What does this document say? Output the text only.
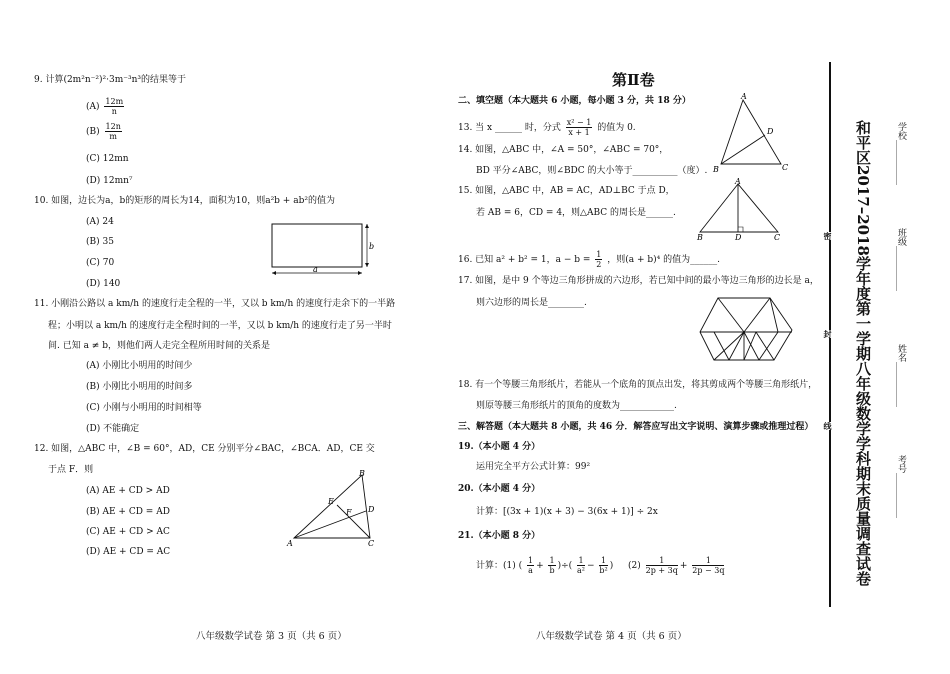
9. 计算(2m²n⁻²)²·3m⁻³n³的结果等于
$(A) \frac{12m}{n}$
$(B) \frac{12n}{m}$
(C) 12mn
(D) 12mn⁷
10. 如图，边长为a，b的矩形的周长为14，面积为10，则a²b + ab²的值为
(A) 24
(B) 35
(C) 70
(D) 140
b
a
11. 小刚沿公路以 a km/h 的速度行走全程的一半，又以 b km/h 的速度行走余下的一半路
程；小明以 a km/h 的速度行走全程时间的一半，又以 b km/h 的速度行走了另一半时
间. 已知 a ≠ b，则他们两人走完全程所用时间的关系是
(A) 小刚比小明用的时间少
(B) 小刚比小明用的时间多
(C) 小刚与小明用的时间相等
(D) 不能确定
12. 如图，△ABC 中，∠B = 60°，AD，CE 分别平分∠BAC，∠BCA．AD，CE 交
于点 F．则
(A) AE + CD > AD
(B) AE + CD = AD
(C) AE + CD > AC
(D) AE + CD = AC
B
A	C
D
E
F
八年级数学试卷 第 3 页（共 6 页）
第Ⅱ卷
二、填空题（本大题共 6 小题，每小题 3 分，共 18 分）
13. 当 x ______ 时，分式 $\frac{\text{x² − 1}}{x + 1}$ 的值为 0.
14. 如图，△ABC 中，∠A = 50°，∠ABC = 70°，
BD 平分∠ABC，则∠BDC 的大小等于__________（度）.
A
B	C
D
15. 如图，△ABC 中，AB = AC，AD⊥BC 于点 D，
若 AB = 6，CD = 4，则△ABC 的周长是______.
A
B	D	C
16. 已知 a² + b² = 1，$a - b = \frac{1}{2}$ ，则(a + b)⁴ 的值为______.
17. 如图，是中 9 个等边三角形拼成的六边形，若已知中间的最小等边三角形的边长是 a，
则六边形的周长是________.
18. 有一个等腰三角形纸片，若能从一个底角的顶点出发，将其剪成两个等腰三角形纸片，
则原等腰三角形纸片的顶角的度数为____________.
三、解答题（本大题共 8 小题，共 46 分．解答应写出文字说明、演算步骤或推理过程）
19.（本小题 4 分）
运用完全平方公式计算：99²
20.（本小题 4 分）
计算：[(3x + 1)(x + 3) − 3(6x + 1)] ÷ 2x
21.（本小题 8 分）
计算：(1) ( $\frac{1}{a} + \frac{1}{b}$ )÷( $\frac{1}{\text{a²}} - \frac{1}{\text{b²}}$ ) $(2) \frac{1}{2p + 3q} + \frac{1}{2p - 3q}$
八年级数学试卷 第 4 页（共 6 页）
密
封
线 和平区2017–2018学年度第一学期八年级数学学科期末质量调查试卷	学校__________
班级__________
姓名__________
考号__________
